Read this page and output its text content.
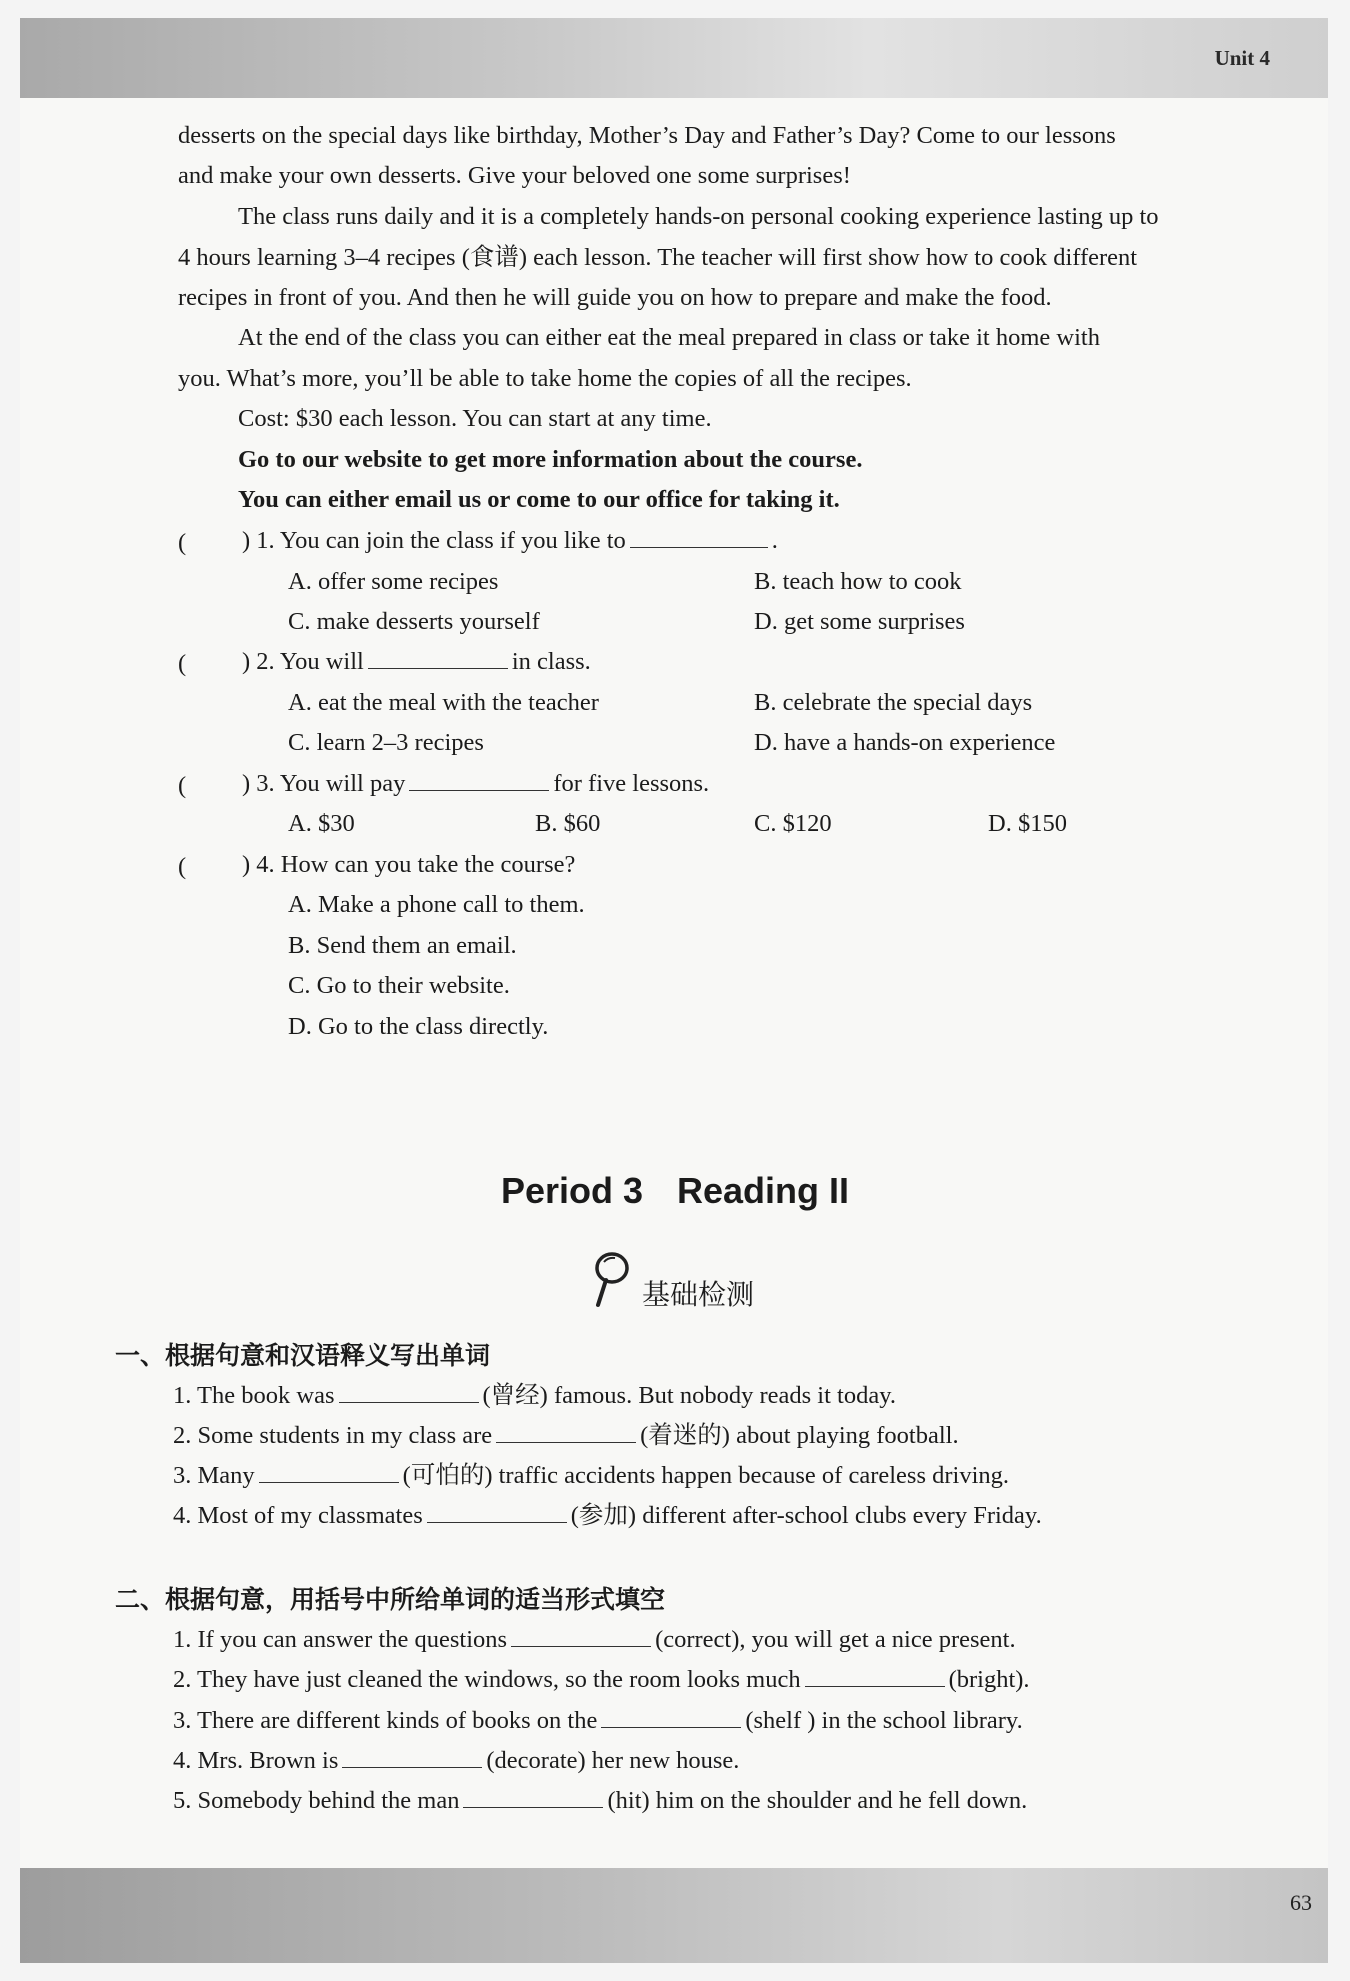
Unit 4
63
desserts on the special days like birthday, Mother’s Day and Father’s Day? Come to our lessons
and make your own desserts. Give your beloved one some surprises!
The class runs daily and it is a completely hands-on personal cooking experience lasting up to
4 hours learning 3–4 recipes (食谱) each lesson. The teacher will first show how to cook different
recipes in front of you. And then he will guide you on how to prepare and make the food.
At the end of the class you can either eat the meal prepared in class or take it home with
you. What’s more, you’ll be able to take home the copies of all the recipes.
Cost: $30 each lesson. You can start at any time.
Go to our website to get more information about the course.
You can either email us or come to our office for taking it.
( ) 1. You can join the class if you like to	.
A. offer some recipes	B. teach how to cook
C. make desserts yourself	D. get some surprises
( ) 2. You will	in class.
A. eat the meal with the teacher	B. celebrate the special days
C. learn 2–3 recipes	D. have a hands-on experience
( ) 3. You will pay	for five lessons.
A. $30	B. $60	C. $120	D. $150
( ) 4. How can you take the course?
A. Make a phone call to them.
B. Send them an email.
C. Go to their website.
D. Go to the class directly.
Period 3 Reading II
基础检测
一、根据句意和汉语释义写出单词
1. The book was	(曾经) famous. But nobody reads it today.
2. Some students in my class are	(着迷的) about playing football.
3. Many	(可怕的) traffic accidents happen because of careless driving.
4. Most of my classmates	(参加) different after-school clubs every Friday.
二、根据句意，用括号中所给单词的适当形式填空
1. If you can answer the questions	(correct), you will get a nice present.
2. They have just cleaned the windows, so the room looks much	(bright).
3. There are different kinds of books on the	(shelf ) in the school library.
4. Mrs. Brown is	(decorate) her new house.
5. Somebody behind the man	(hit) him on the shoulder and he fell down.
